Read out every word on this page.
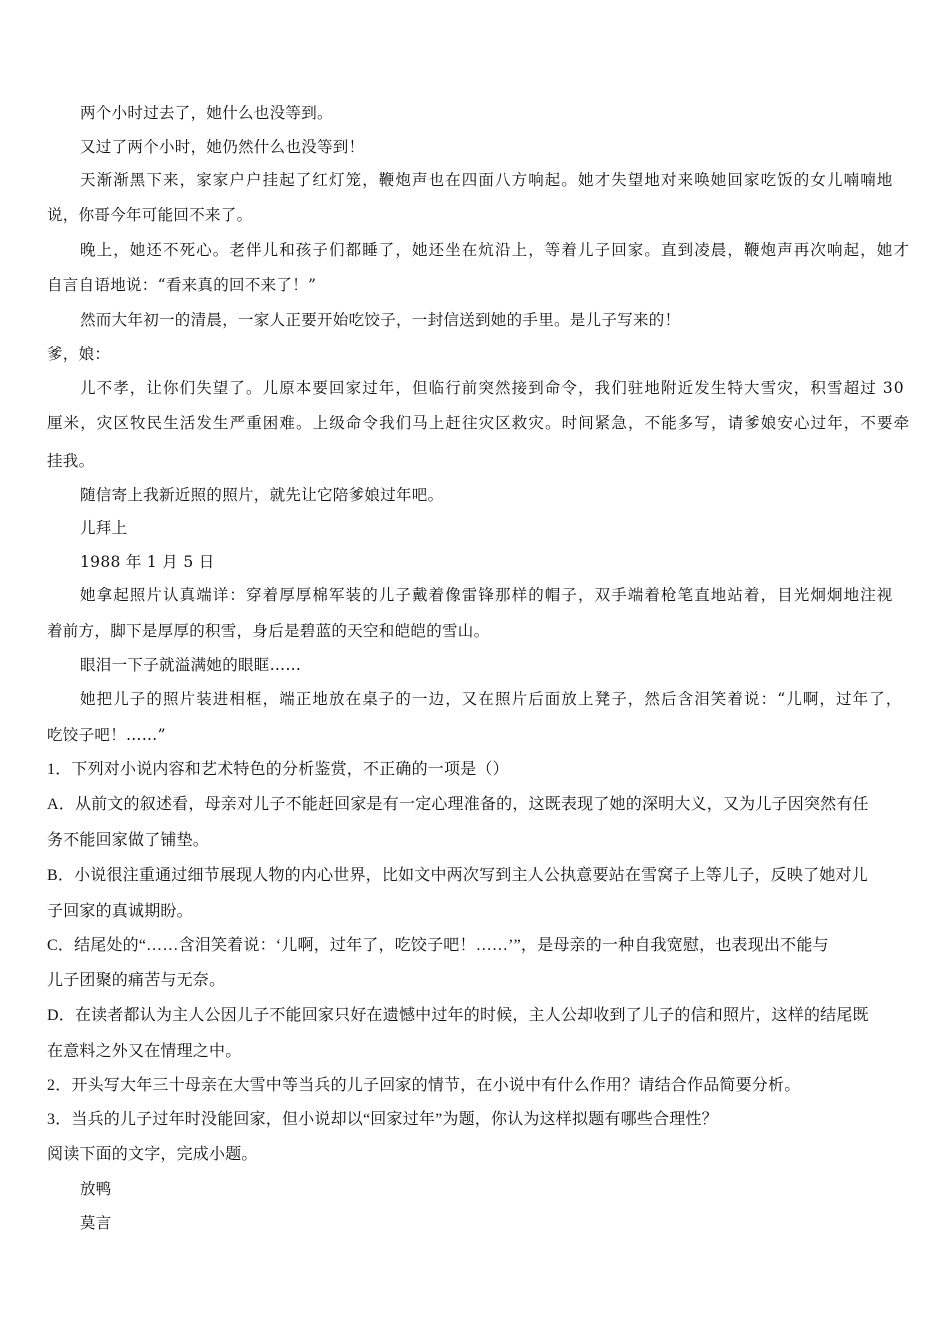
两个小时过去了，她什么也没等到。
又过了两个小时，她仍然什么也没等到！
天渐渐黑下来，家家户户挂起了红灯笼，鞭炮声也在四面八方响起。她才失望地对来唤她回家吃饭的女儿喃喃地
说，你哥今年可能回不来了。
晚上，她还不死心。老伴儿和孩子们都睡了，她还坐在炕沿上，等着儿子回家。直到凌晨，鞭炮声再次响起，她才
自言自语地说：“看来真的回不来了！”
然而大年初一的清晨，一家人正要开始吃饺子，一封信送到她的手里。是儿子写来的！
爹，娘：
儿不孝，让你们失望了。儿原本要回家过年，但临行前突然接到命令，我们驻地附近发生特大雪灾，积雪超过 30
厘米，灾区牧民生活发生严重困难。上级命令我们马上赶往灾区救灾。时间紧急，不能多写，请爹娘安心过年，不要牵
挂我。
随信寄上我新近照的照片，就先让它陪爹娘过年吧。
儿拜上
1988 年 1 月 5 日
她拿起照片认真端详：穿着厚厚棉军装的儿子戴着像雷锋那样的帽子，双手端着枪笔直地站着，目光炯炯地注视
着前方，脚下是厚厚的积雪，身后是碧蓝的天空和皑皑的雪山。
眼泪一下子就溢满她的眼眶……
她把儿子的照片装进相框，端正地放在桌子的一边，又在照片后面放上凳子，然后含泪笑着说：“儿啊，过年了，
吃饺子吧！……”
1．下列对小说内容和艺术特色的分析鉴赏，不正确的一项是（）
A．从前文的叙述看，母亲对儿子不能赶回家是有一定心理准备的，这既表现了她的深明大义，又为儿子因突然有任
务不能回家做了铺垫。
B．小说很注重通过细节展现人物的内心世界，比如文中两次写到主人公执意要站在雪窝子上等儿子，反映了她对儿
子回家的真诚期盼。
C．结尾处的“……含泪笑着说：‘儿啊，过年了，吃饺子吧！……’”，是母亲的一种自我宽慰，也表现出不能与
儿子团聚的痛苦与无奈。
D．在读者都认为主人公因儿子不能回家只好在遗憾中过年的时候，主人公却收到了儿子的信和照片，这样的结尾既
在意料之外又在情理之中。
2．开头写大年三十母亲在大雪中等当兵的儿子回家的情节，在小说中有什么作用？请结合作品简要分析。
3．当兵的儿子过年时没能回家，但小说却以“回家过年”为题，你认为这样拟题有哪些合理性？
阅读下面的文字，完成小题。
放鸭
莫言
